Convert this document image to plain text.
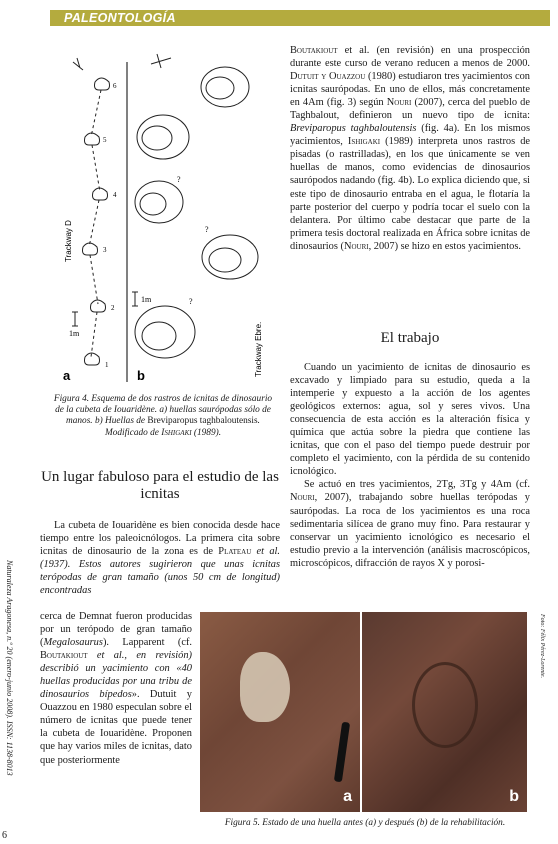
PALEONTOLOGÍA
a
1m
1
2
3
4
5
6
Trackway D
b
1m
?
?
?
Trackway Ebre.
Figura 4. Esquema de dos rastros de icnitas de dinosaurio de la cubeta de Iouaridène. a) huellas saurópodas sólo de manos. b) Huellas de Breviparopus taghbaloutensis. Modificado de Ishigaki (1989).
Un lugar fabuloso para el estudio de las icnitas

La cubeta de Iouaridène es bien conocida desde hace tiempo entre los paleoicnólogos. La primera cita sobre icnitas de dinosaurio de la zona es de Plateau et al. (1937). Estos autores sugirieron que unas icnitas terópodas de gran tamaño (unos 50 cm de longitud) encontradas

cerca de Demnat fueron producidas por un terópodo de gran tamaño (Megalosaurus). Lapparent (cf. Boutakiout et al., en revisión) describió un yacimiento con «40 huellas producidas por una tribu de dinosaurios bípedos». Dutuit y Ouazzou en 1980 especulan sobre el número de icnitas que puede tener la cubeta de Iouaridène. Proponen que hay varios miles de icnitas, dato que posteriormente

Boutakiout et al. (en revisión) en una prospección durante este curso de verano reducen a menos de 2000. Dutuit y Ouazzou (1980) estudiaron tres yacimientos con icnitas saurópodas. En uno de ellos, más concretamente en 4Am (fig. 3) según Nouri (2007), cerca del pueblo de Taghbalout, definieron un nuevo tipo de icnita: Breviparopus taghbaloutensis (fig. 4a). En los mismos yacimientos, Ishigaki (1989) interpreta unos rastros de pisadas (o rastrilladas), en los que únicamente se ven huellas de manos, como evidencias de dinosaurios saurópodos nadando (fig. 4b). Lo explica diciendo que, si este tipo de dinosaurio entraba en el agua, le flotaría la parte posterior del cuerpo y podría tocar el suelo con la delantera. Por último cabe destacar que parte de la primera tesis doctoral realizada en África sobre icnitas de dinosaurios (Nouri, 2007) se hizo en estos yacimientos.

El trabajo

Cuando un yacimiento de icnitas de dinosaurio es excavado y limpiado para su estudio, queda a la intemperie y expuesto a la acción de los agentes geológicos externos: agua, sol y seres vivos. Una consecuencia de esta acción es la alteración física y química que actúa sobre la piedra que contiene las icnitas, que con el paso del tiempo puede destruir por completo el yacimiento, con la pérdida de su contenido icnológico.

Se actuó en tres yacimientos, 2Tg, 3Tg y 4Am (cf. Nouri, 2007), trabajando sobre huellas terópodas y saurópodas. La roca de los yacimientos es una roca sedimentaria silícea de grano muy fino. Para restaurar y conservar un yacimiento icnológico es necesario el estudio previo a la intervención (análisis macroscópicos, microscópicos, difracción de rayos X y porosi-

a	b
Foto: Félix Pérez-Lorente.
Figura 5. Estado de una huella antes (a) y después (b) de la rehabilitación.
Naturaleza Aragonesa, n.º 20 (enero-junio 2008). ISSN: 1138-8013
6
